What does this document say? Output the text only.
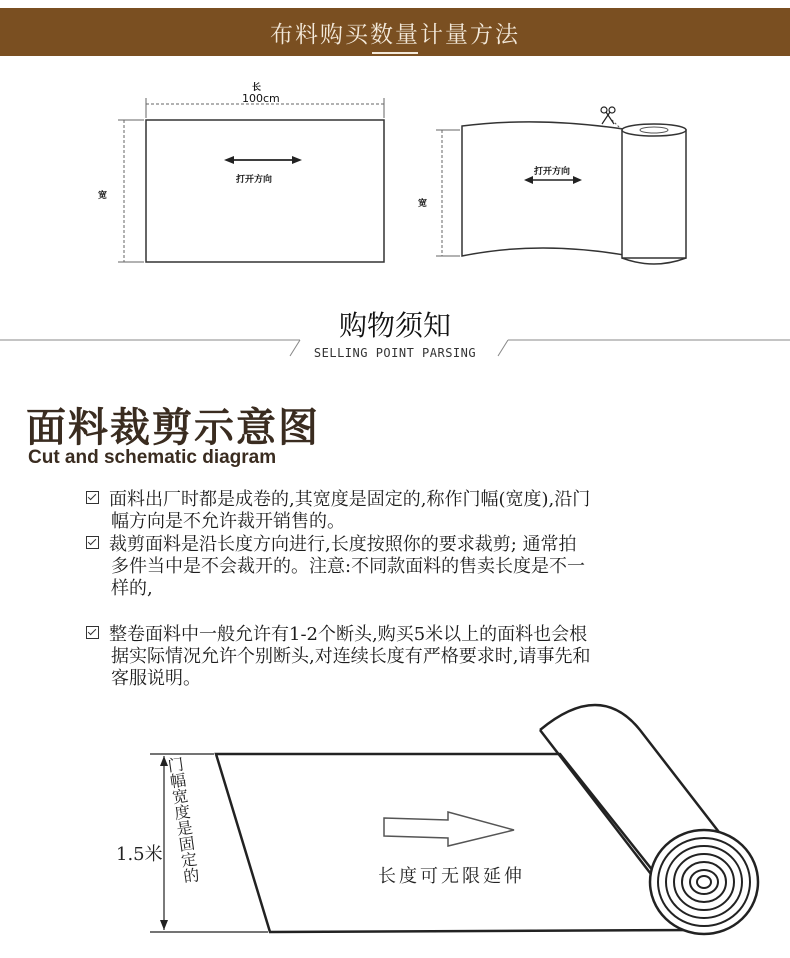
布料购买数量计量方法
长
100cm
宽
打开方向
打开方向
宽
购物须知
SELLING POINT PARSING
面料裁剪示意图
Cut and schematic diagram
面料出厂时都是成卷的,其宽度是固定的,称作门幅(宽度),沿门
幅方向是不允许裁开销售的。
裁剪面料是沿长度方向进行,长度按照你的要求裁剪; 通常拍
多件当中是不会裁开的。注意:不同款面料的售卖长度是不一
样的,
整卷面料中一般允许有1-2个断头,购买5米以上的面料也会根
据实际情况允许个别断头,对连续长度有严格要求时,请事先和
客服说明。
门幅宽度是固定的
1.5米
长度可无限延伸
